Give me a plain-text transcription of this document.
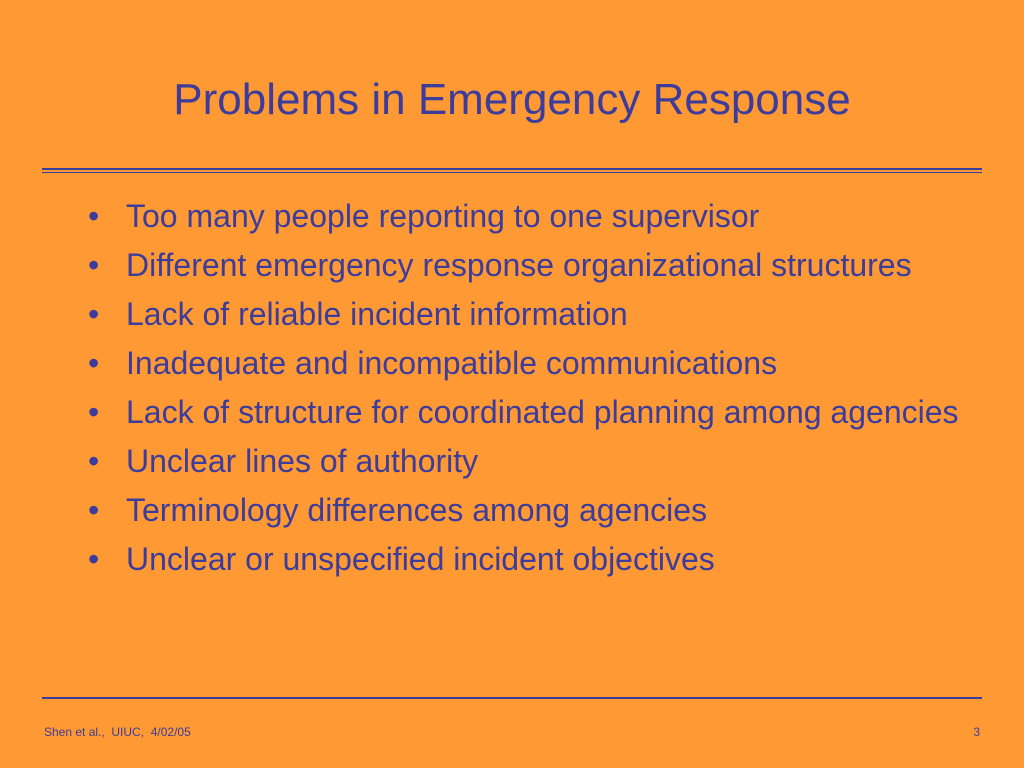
Problems in Emergency Response
• Too many people reporting to one supervisor
• Different emergency response organizational structures
• Lack of reliable incident information
• Inadequate and incompatible communications
• Lack of structure for coordinated planning among agencies
• Unclear lines of authority
• Terminology differences among agencies
• Unclear or unspecified incident objectives
Shen et al.,  UIUC,  4/02/05	3
